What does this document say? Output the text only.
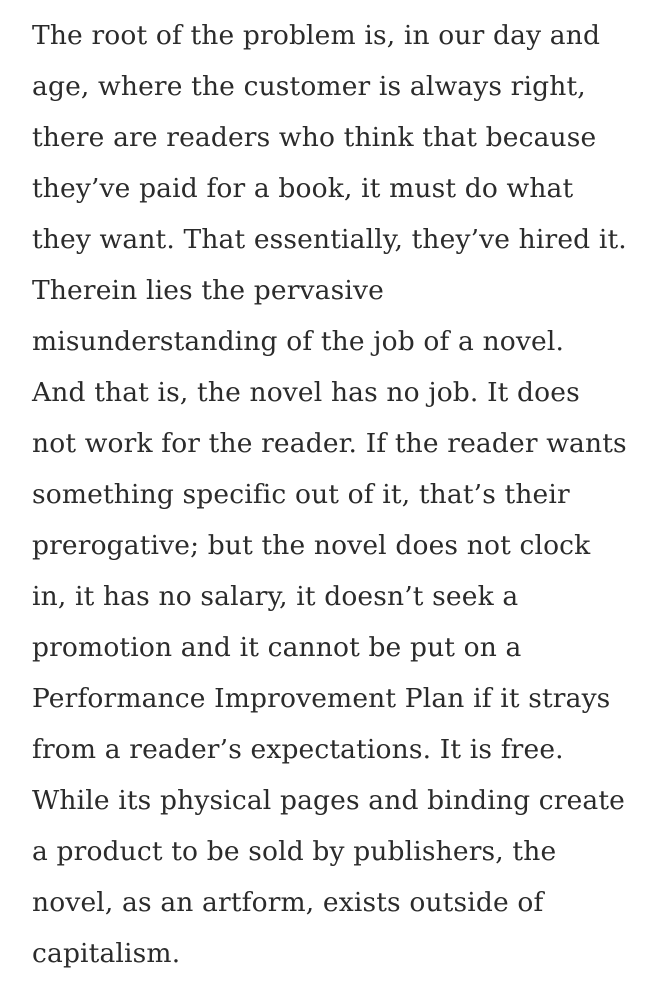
The root of the problem is, in our day and
age, where the customer is always right,
there are readers who think that because
they’ve paid for a book, it must do what
they want. That essentially, they’ve hired it.
Therein lies the pervasive
misunderstanding of the job of a novel.
And that is, the novel has no job. It does
not work for the reader. If the reader wants
something specific out of it, that’s their
prerogative; but the novel does not clock
in, it has no salary, it doesn’t seek a
promotion and it cannot be put on a
Performance Improvement Plan if it strays
from a reader’s expectations. It is free.
While its physical pages and binding create
a product to be sold by publishers, the
novel, as an artform, exists outside of
capitalism.
